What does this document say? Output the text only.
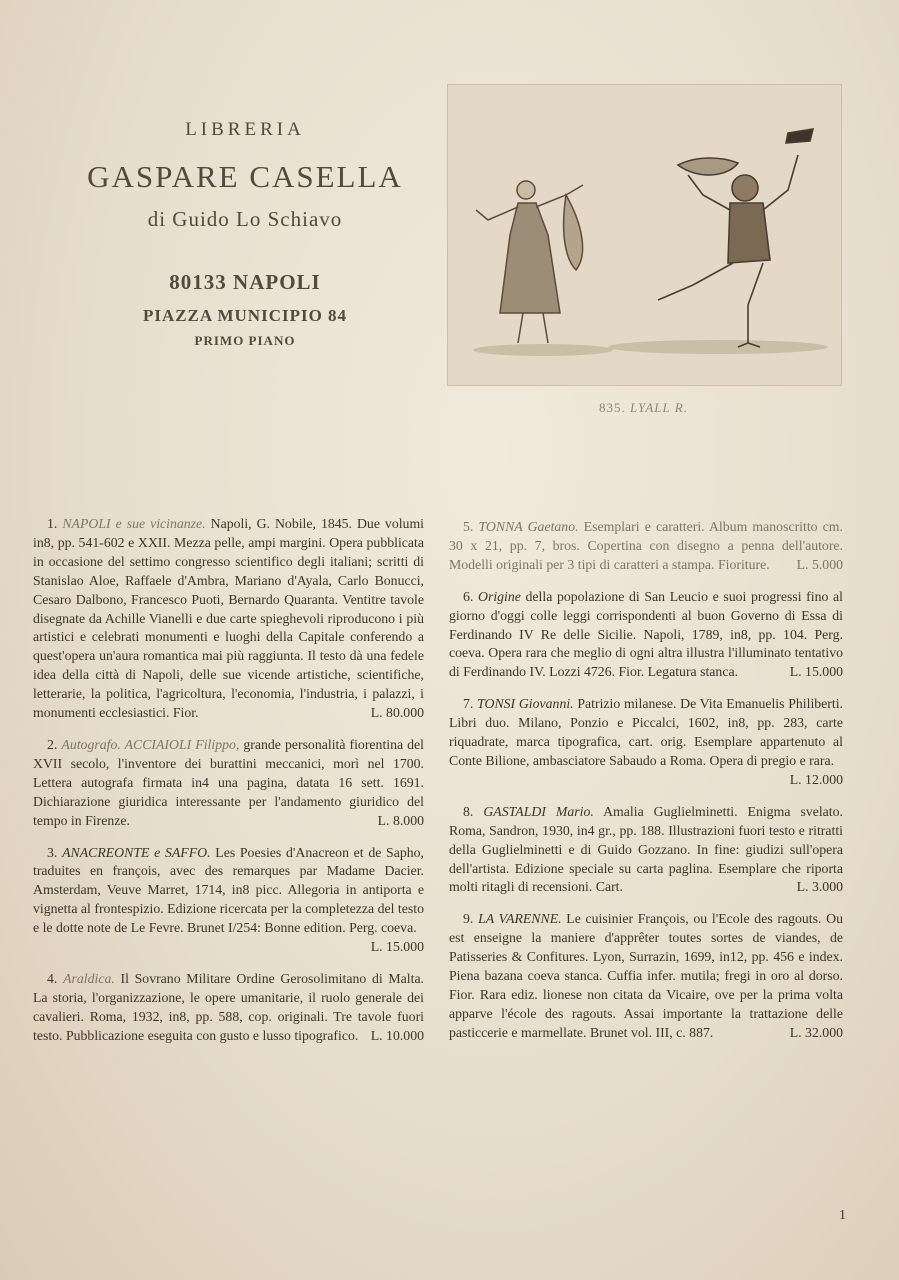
LIBRERIA
GASPARE CASELLA
di Guido Lo Schiavo
80133 NAPOLI
PIAZZA MUNICIPIO 84
PRIMO PIANO
835. LYALL R.

1. NAPOLI e sue vicinanze. Napoli, G. Nobile, 1845. Due volumi in8, pp. 541-602 e XXII. Mezza pelle, ampi margini. Opera pubblicata in occasione del settimo congresso scientifico degli italiani; scritti di Stanislao Aloe, Raffaele d'Ambra, Mariano d'Ayala, Carlo Bonucci, Cesaro Dalbono, Francesco Puoti, Bernardo Quaranta. Ventitre tavole disegnate da Achille Vianelli e due carte spieghevoli riproducono i più artistici e celebrati monumenti e luoghi della Capitale conferendo a quest'opera un'aura romantica mai più raggiunta. Il testo dà una fedele idea della città di Napoli, delle sue vicende artistiche, scientifiche, letterarie, la politica, l'agricoltura, l'economia, l'industria, i palazzi, i monumenti ecclesiastici. Fior.	L. 80.000

2. Autografo. ACCIAIOLI Filippo, grande personalità fiorentina del XVII secolo, l'inventore dei burattini meccanici, morì nel 1700. Lettera autografa firmata in4 una pagina, datata 16 sett. 1691. Dichiarazione giuridica interessante per l'andamento giuridico del tempo in Firenze.	L. 8.000

3. ANACREONTE e SAFFO. Les Poesies d'Anacreon et de Sapho, traduites en françois, avec des remarques par Madame Dacier. Amsterdam, Veuve Marret, 1714, in8 picc. Allegoria in antiporta e vignetta al frontespizio. Edizione ricercata per la completezza del testo e le dotte note de Le Fevre. Brunet I/254: Bonne edition. Perg. coeva.
L. 15.000

4. Araldica. Il Sovrano Militare Ordine Gerosolimitano di Malta. La storia, l'organizzazione, le opere umanitarie, il ruolo generale dei cavalieri. Roma, 1932, in8, pp. 588, cop. originali. Tre tavole fuori testo. Pubblicazione eseguita con gusto e lusso tipografico. L. 10.000

5. TONNA Gaetano. Esemplari e caratteri. Album manoscritto cm. 30 x 21, pp. 7, bros. Copertina con disegno a penna dell'autore. Modelli originali per 3 tipi di caratteri a stampa. Fioriture. L. 5.000

6. Origine della popolazione di San Leucio e suoi progressi fino al giorno d'oggi colle leggi corrispondenti al buon Governo di Essa di Ferdinando IV Re delle Sicilie. Napoli, 1789, in8, pp. 104. Perg. coeva. Opera rara che meglio di ogni altra illustra l'illuminato tentativo di Ferdinando IV. Lozzi 4726. Fior. Legatura stanca.	L. 15.000

7. TONSI Giovanni. Patrizio milanese. De Vita Emanuelis Philiberti. Libri duo. Milano, Ponzio e Piccalci, 1602, in8, pp. 283, carte riquadrate, marca tipografica, cart. orig. Esemplare appartenuto al Conte Bilione, ambasciatore Sabaudo a Roma. Opera di pregio e rara.
L. 12.000

8. GASTALDI Mario. Amalia Guglielminetti. Enigma svelato. Roma, Sandron, 1930, in4 gr., pp. 188. Illustrazioni fuori testo e ritratti della Guglielminetti e di Guido Gozzano. In fine: giudizi sull'opera dell'artista. Edizione speciale su carta paglina. Esemplare che riporta molti ritagli di recensioni. Cart.	L. 3.000

9. LA VARENNE. Le cuisinier François, ou l'Ecole des ragouts. Ou est enseigne la maniere d'apprêter toutes sortes de viandes, de Patisseries & Confitures. Lyon, Surrazin, 1699, in12, pp. 456 e index. Piena bazana coeva stanca. Cuffia infer. mutila; fregi in oro al dorso. Fior. Rara ediz. lionese non citata da Vicaire, ove per la prima volta apparve l'école des ragouts. Assai importante la trattazione delle pasticcerie e marmellate. Brunet vol. III, c. 887.	L. 32.000

1
